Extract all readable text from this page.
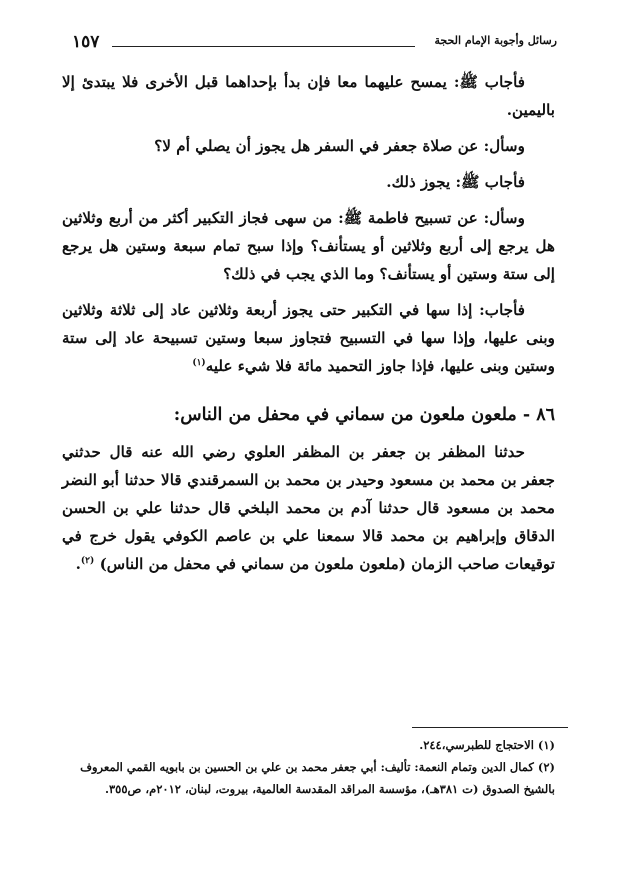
رسائل وأجوبة الإمام الحجة
١٥٧

فأجاب ﷺ: يمسح عليهما معا فإن بدأ بإحداهما قبل الأخرى فلا يبتدئ إلا باليمين.

وسأل: عن صلاة جعفر في السفر هل يجوز أن يصلي أم لا؟

فأجاب ﷺ: يجوز ذلك.

وسأل: عن تسبيح فاطمة ﷺ: من سهى فجاز التكبير أكثر من أربع وثلاثين هل يرجع إلى أربع وثلاثين أو يستأنف؟ وإذا سبح تمام سبعة وستين هل يرجع إلى ستة وستين أو يستأنف؟ وما الذي يجب في ذلك؟

فأجاب: إذا سها في التكبير حتى يجوز أربعة وثلاثين عاد إلى ثلاثة وثلاثين وبنى عليها، وإذا سها في التسبيح فتجاوز سبعا وستين تسبيحة عاد إلى ستة وستين وبنى عليها، فإذا جاوز التحميد مائة فلا شيء عليه$^{(١)}$

٨٦ - ملعون ملعون من سماني في محفل من الناس:

حدثنا المظفر بن جعفر بن المظفر العلوي رضي الله عنه قال حدثني جعفر بن محمد بن مسعود وحيدر بن محمد بن السمرقندي قالا حدثنا أبو النضر محمد بن مسعود قال حدثنا آدم بن محمد البلخي قال حدثنا علي بن الحسن الدقاق وإبراهيم بن محمد قالا سمعنا علي بن عاصم الكوفي يقول خرج في توقيعات صاحب الزمان (ملعون ملعون من سماني في محفل من الناس) $^{(٢)}$.

(١) الاحتجاج للطبرسي،٢٤٤.

(٢) كمال الدين وتمام النعمة: تأليف: أبي جعفر محمد بن علي بن الحسين بن بابويه القمي المعروف بالشيخ الصدوق (ت ٣٨١هـ)، مؤسسة المراقد المقدسة العالمية، بيروت، لبنان، ٢٠١٢م، ص٣٥٥.
